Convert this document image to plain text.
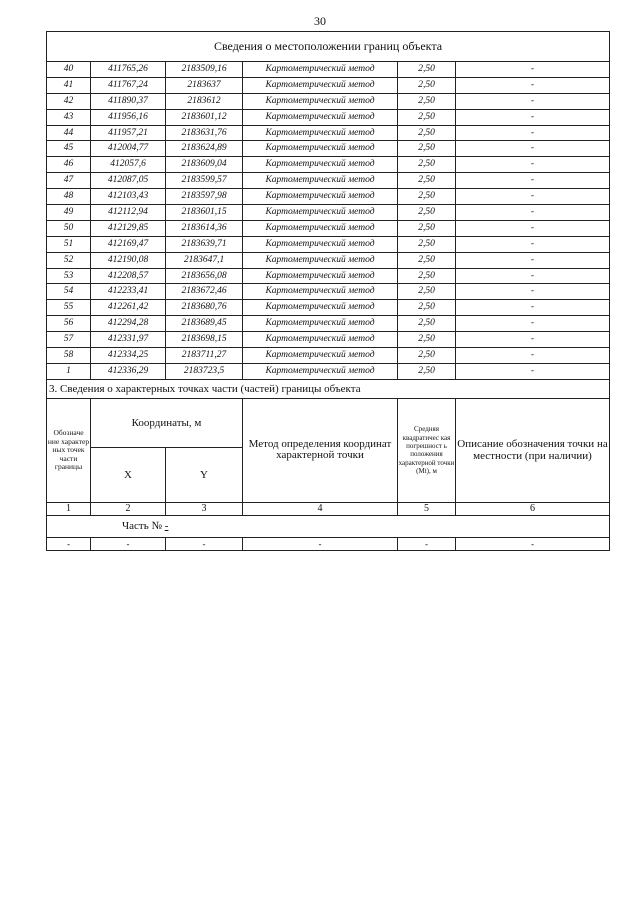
30
Сведения о местоположении границ объекта					
40	411765,26	2183509,16	Картометрический метод	2,50	-
41	411767,24	2183637	Картометрический метод	2,50	-
42	411890,37	2183612	Картометрический метод	2,50	-
43	411956,16	2183601,12	Картометрический метод	2,50	-
44	411957,21	2183631,76	Картометрический метод	2,50	-
45	412004,77	2183624,89	Картометрический метод	2,50	-
46	412057,6	2183609,04	Картометрический метод	2,50	-
47	412087,05	2183599,57	Картометрический метод	2,50	-
48	412103,43	2183597,98	Картометрический метод	2,50	-
49	412112,94	2183601,15	Картометрический метод	2,50	-
50	412129,85	2183614,36	Картометрический метод	2,50	-
51	412169,47	2183639,71	Картометрический метод	2,50	-
52	412190,08	2183647,1	Картометрический метод	2,50	-
53	412208,57	2183656,08	Картометрический метод	2,50	-
54	412233,41	2183672,46	Картометрический метод	2,50	-
55	412261,42	2183680,76	Картометрический метод	2,50	-
56	412294,28	2183689,45	Картометрический метод	2,50	-
57	412331,97	2183698,15	Картометрический метод	2,50	-
58	412334,25	2183711,27	Картометрический метод	2,50	-
1	412336,29	2183723,5	Картометрический метод	2,50	-
3. Сведения о характерных точках части (частей) границы объекта					
Обозначе ние характер ных точек части границы	Координаты, м		Метод определения координат характерной точки	Средняя квадратичес кая погрешност ь положения характерной точки (Mt), м	Описание обозначения точки на местности (при наличии)
	X	Y			
1	2	3	4	5	6
Часть № -					
-	-	-	-	-	-
